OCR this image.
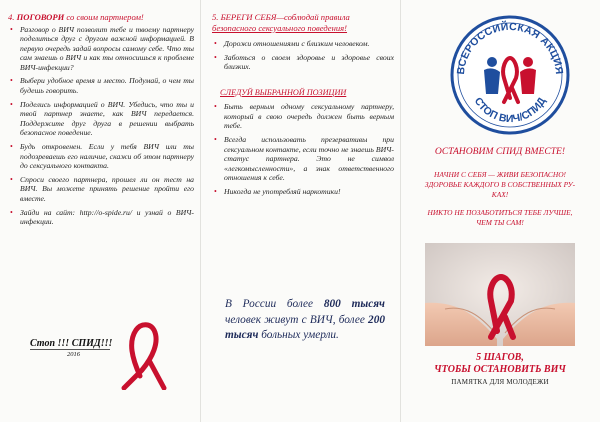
4. ПОГОВОРИ со своим партнером!
• Разговор о ВИЧ позволит тебе и твоему партнеру поделиться друг с другом важной информацией. В первую очередь задай вопросы самому себе. Что ты сам знаешь о ВИЧ и как ты относишься к проблеме ВИЧ-инфекции?
• Выбери удобное время и место. Подумай, о чем ты будешь говорить.
• Поделись информацией о ВИЧ. Убедись, что ты и твой партнер знаете, как ВИЧ передается. Поддержите друг друга в решении выбрать безопасное поведение.
• Будь откровенен. Если у тебя ВИЧ или ты подозреваешь его наличие, скажи об этом партнеру до сексуального контакта.
• Спроси своего партнера, прошел ли он тест на ВИЧ. Вы можете принять решение пройти его вместе.
• Зайди на сайт: http://o-spide.ru/ и узнай о ВИЧ-инфекции.
Стоп !!! СПИД!!!
2016
5. БЕРЕГИ СЕБЯ—соблюдай правила
безопасного сексуального поведения!
• Дорожи отношениями с близким человеком.
• Заботься о своем здоровье и здоровье своих близких.
СЛЕДУЙ ВЫБРАННОЙ ПОЗИЦИИ
• Быть верным одному сексуальному партнеру, который в свою очередь должен быть верным тебе.
• Всегда использовать презервативы при сексуальном контакте, если точно не знаешь ВИЧ-статус партнера. Это не символ «легкомысленности», а знак ответственного отношения к себе.
• Никогда не употребляй наркотики!
В России более 800 тысяч человек живут с ВИЧ, более 200 тысяч больных умерли.
ВСЕРОССИЙСКАЯ АКЦИЯ
СТОП ВИЧ/СПИД
ОСТАНОВИМ СПИД ВМЕСТЕ!
НАЧНИ С СЕБЯ — ЖИВИ БЕЗОПАСНО!
ЗДОРОВЬЕ КАЖДОГО В СОБСТВЕННЫХ РУ-
КАХ!
НИКТО НЕ ПОЗАБОТИТЬСЯ ТЕБЕ ЛУЧШЕ,
ЧЕМ ТЫ САМ!
5 ШАГОВ,
ЧТОБЫ ОСТАНОВИТЬ ВИЧ
ПАМЯТКА ДЛЯ МОЛОДЕЖИ
